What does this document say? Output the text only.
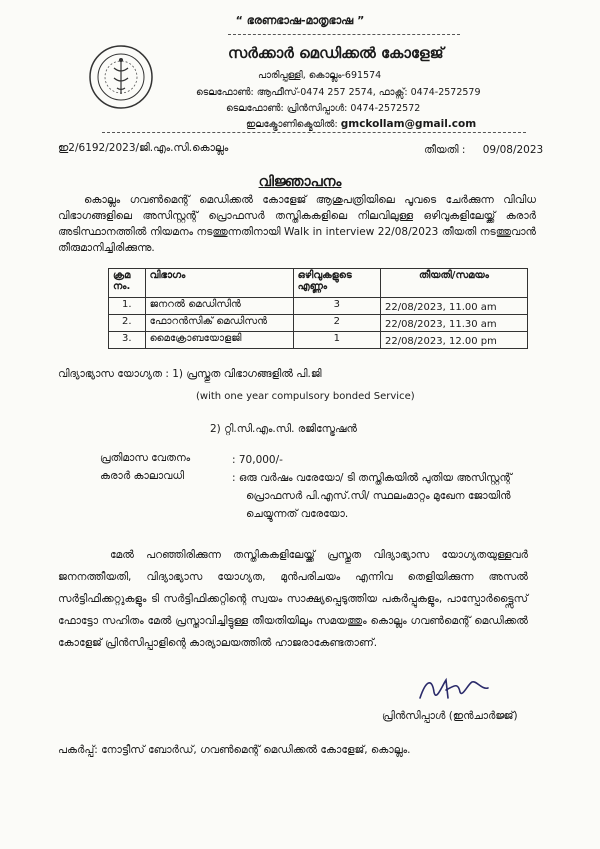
“ ഭരണഭാഷ-മാതൃഭാഷ ”
സർക്കാർ മെഡിക്കൽ കോളേജ്
പാരിപ്പള്ളി, കൊല്ലം-691574
ടെലഫോൺ: ആഫീസ്-0474 257 2574, ഫാക്സ്: 0474-2572579
ടെലഫോൺ: പ്രിൻസിപ്പാൾ: 0474-2572572
ഇലക്ട്രോണിക്മെയിൽ: gmckollam@gmail.com
ഇ2/6192/2023/ജി.എം.സി.കൊല്ലം	തീയതി : 09/08/2023
വിജ്ഞാപനം
കൊല്ലം ഗവൺമെന്റ് മെഡിക്കൽ കോളേജ് ആശുപത്രിയിലെ പൂവടെ ചേർക്കുന്ന വിവിധ വിഭാഗങ്ങളിലെ അസിസ്റ്റന്റ് പ്രൊഫസർ തസ്തികകളിലെ നിലവിലുള്ള ഒഴിവുകളിലേയ്ക്ക് കരാർ അടിസ്ഥാനത്തിൽ നിയമനം നടത്തുന്നതിനായി Walk in interview 22/08/2023 തീയതി നടത്തുവാൻ തീരുമാനിച്ചിരിക്കുന്നു.
ക്രമ നം.	വിഭാഗം	ഒഴിവുകളുടെ എണ്ണം	തീയതി/സമയം
1.	ജനറൽ മെഡിസിൻ	3	22/08/2023, 11.00 am
2.	ഫോറൻസിക് മെഡിസൻ	2	22/08/2023, 11.30 am
3.	മൈക്രോബയോളജി	1	22/08/2023, 12.00 pm
വിദ്യാഭ്യാസ യോഗ്യത : 1) പ്രസ്തുത വിഭാഗങ്ങളിൽ പി.ജി
(with one year compulsory bonded Service)
2) റ്റി.സി.എം.സി. രജിസ്ട്രേഷൻ
പ്രതിമാസ വേതനം	: 70,000/-
കരാർ കാലാവധി	: ഒരു വർഷം വരേയോ/ ടി തസ്തികയിൽ പുതിയ അസിസ്റ്റന്റ് പ്രൊഫസർ പി.എസ്.സി/ സ്ഥലംമാറ്റം മുഖേന ജോയിൻ ചെയ്യുന്നത് വരേയോ.
മേൽ പറഞ്ഞിരിക്കുന്ന തസ്തികകളിലേയ്ക്ക് പ്രസ്തുത വിദ്യാഭ്യാസ യോഗ്യതയുള്ളവർ ജനനത്തീയതി, വിദ്യാഭ്യാസ യോഗ്യത, മുൻപരിചയം എന്നിവ തെളിയിക്കുന്ന അസൽ സർട്ടിഫിക്കറ്റുകളും ടി സർട്ടിഫിക്കറ്റിന്റെ സ്വയം സാക്ഷ്യപ്പെടുത്തിയ പകർപ്പുകളും, പാസ്പോർട്ട്സൈസ് ഫോട്ടോ സഹിതം മേൽ പ്രസ്താവിച്ചിട്ടുള്ള തീയതിയിലും സമയത്തും കൊല്ലം ഗവൺമെന്റ് മെഡിക്കൽ കോളേജ് പ്രിൻസിപ്പാളിന്റെ കാര്യാലയത്തിൽ ഹാജരാകേണ്ടതാണ്.
പ്രിൻസിപ്പാൾ (ഇൻചാർജ്ജ്)
പകർപ്പ്: നോട്ടീസ് ബോർഡ്, ഗവൺമെന്റ് മെഡിക്കൽ കോളേജ്, കൊല്ലം.
